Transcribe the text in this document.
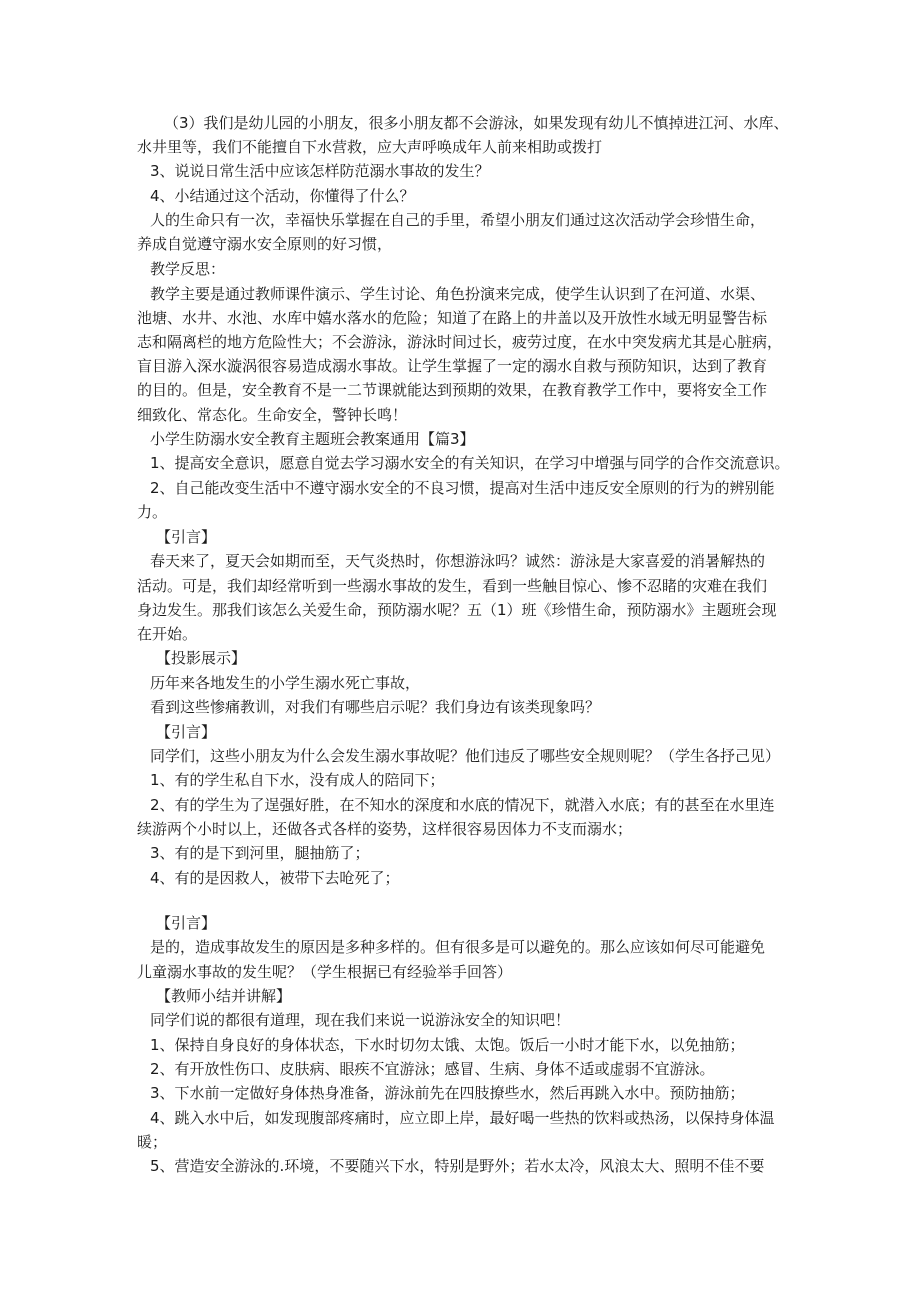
（3）我们是幼儿园的小朋友，很多小朋友都不会游泳，如果发现有幼儿不慎掉进江河、水库、
水井里等，我们不能擅自下水营救，应大声呼唤成年人前来相助或拨打
3、说说日常生活中应该怎样防范溺水事故的发生？
4、小结通过这个活动，你懂得了什么？
人的生命只有一次，幸福快乐掌握在自己的手里，希望小朋友们通过这次活动学会珍惜生命，
养成自觉遵守溺水安全原则的好习惯，
教学反思：
教学主要是通过教师课件演示、学生讨论、角色扮演来完成，使学生认识到了在河道、水渠、
池塘、水井、水池、水库中嬉水落水的危险；知道了在路上的井盖以及开放性水域无明显警告标
志和隔离栏的地方危险性大；不会游泳，游泳时间过长，疲劳过度，在水中突发病尤其是心脏病，
盲目游入深水漩涡很容易造成溺水事故。让学生掌握了一定的溺水自救与预防知识，达到了教育
的目的。但是，安全教育不是一二节课就能达到预期的效果，在教育教学工作中，要将安全工作
细致化、常态化。生命安全，警钟长鸣！
小学生防溺水安全教育主题班会教案通用【篇3】
1、提高安全意识，愿意自觉去学习溺水安全的有关知识，在学习中增强与同学的合作交流意识。
2、自己能改变生活中不遵守溺水安全的不良习惯，提高对生活中违反安全原则的行为的辨别能
力。
【引言】
春天来了，夏天会如期而至，天气炎热时，你想游泳吗？诚然：游泳是大家喜爱的消暑解热的
活动。可是，我们却经常听到一些溺水事故的发生，看到一些触目惊心、惨不忍睹的灾难在我们
身边发生。那我们该怎么关爱生命，预防溺水呢？五（1）班《珍惜生命，预防溺水》主题班会现
在开始。
【投影展示】
历年来各地发生的小学生溺水死亡事故，
看到这些惨痛教训，对我们有哪些启示呢？我们身边有该类现象吗？
【引言】
同学们，这些小朋友为什么会发生溺水事故呢？他们违反了哪些安全规则呢？（学生各抒己见）
1、有的学生私自下水，没有成人的陪同下；
2、有的学生为了逞强好胜，在不知水的深度和水底的情况下，就潜入水底；有的甚至在水里连
续游两个小时以上，还做各式各样的姿势，这样很容易因体力不支而溺水；
3、有的是下到河里，腿抽筋了；
4、有的是因救人，被带下去呛死了；
【引言】
是的，造成事故发生的原因是多种多样的。但有很多是可以避免的。那么应该如何尽可能避免
儿童溺水事故的发生呢？（学生根据已有经验举手回答）
【教师小结并讲解】
同学们说的都很有道理，现在我们来说一说游泳安全的知识吧！
1、保持自身良好的身体状态，下水时切勿太饿、太饱。饭后一小时才能下水，以免抽筋；
2、有开放性伤口、皮肤病、眼疾不宜游泳；感冒、生病、身体不适或虚弱不宜游泳。
3、下水前一定做好身体热身准备，游泳前先在四肢撩些水，然后再跳入水中。预防抽筋；
4、跳入水中后，如发现腹部疼痛时，应立即上岸，最好喝一些热的饮料或热汤，以保持身体温
暖；
5、营造安全游泳的.环境，不要随兴下水，特别是野外；若水太冷，风浪太大、照明不佳不要
